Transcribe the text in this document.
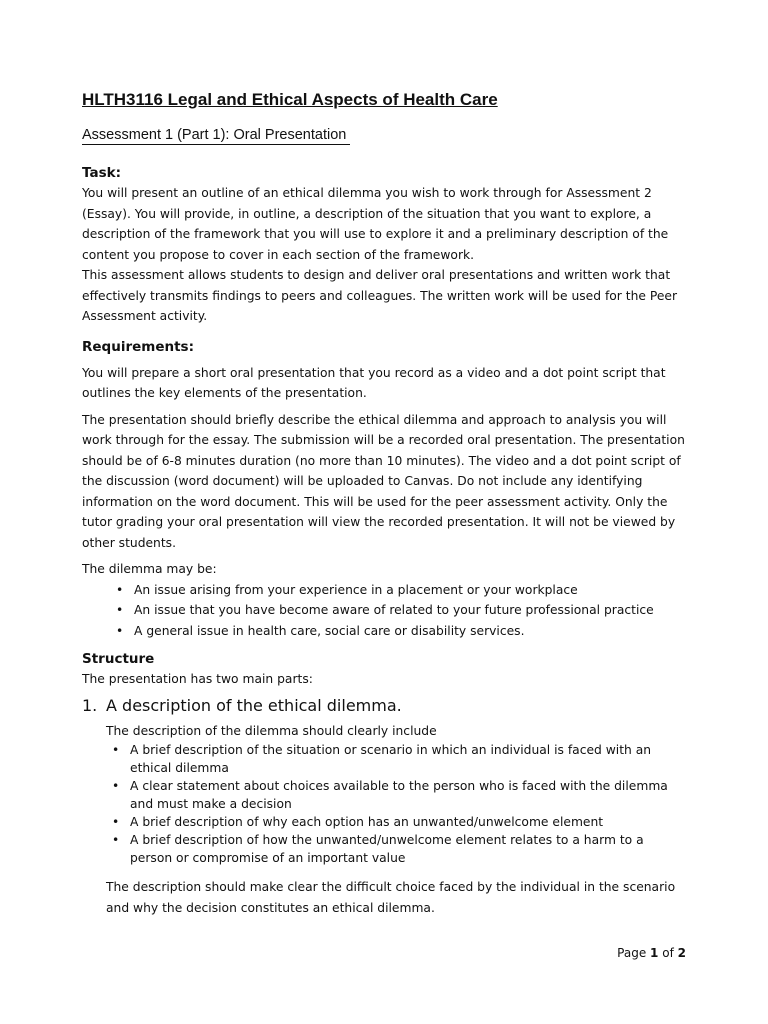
HLTH3116 Legal and Ethical Aspects of Health Care
Assessment 1 (Part 1): Oral Presentation
Task:

You will present an outline of an ethical dilemma you wish to work through for Assessment 2 (Essay). You will provide, in outline, a description of the situation that you want to explore, a description of the framework that you will use to explore it and a preliminary description of the content you propose to cover in each section of the framework.

This assessment allows students to design and deliver oral presentations and written work that effectively transmits findings to peers and colleagues. The written work will be used for the Peer Assessment activity.

Requirements:

You will prepare a short oral presentation that you record as a video and a dot point script that outlines the key elements of the presentation.

The presentation should briefly describe the ethical dilemma and approach to analysis you will work through for the essay. The submission will be a recorded oral presentation. The presentation should be of 6-8 minutes duration (no more than 10 minutes). The video and a dot point script of the discussion (word document) will be uploaded to Canvas. Do not include any identifying information on the word document. This will be used for the peer assessment activity. Only the tutor grading your oral presentation will view the recorded presentation. It will not be viewed by other students.

The dilemma may be:

• An issue arising from your experience in a placement or your workplace
• An issue that you have become aware of related to your future professional practice
• A general issue in health care, social care or disability services.
Structure

The presentation has two main parts:

1. A description of the ethical dilemma.

The description of the dilemma should clearly include

• A brief description of the situation or scenario in which an individual is faced with an ethical dilemma
• A clear statement about choices available to the person who is faced with the dilemma and must make a decision
• A brief description of why each option has an unwanted/unwelcome element
• A brief description of how the unwanted/unwelcome element relates to a harm to a person or compromise of an important value

The description should make clear the difficult choice faced by the individual in the scenario and why the decision constitutes an ethical dilemma.

Page 1 of 2
